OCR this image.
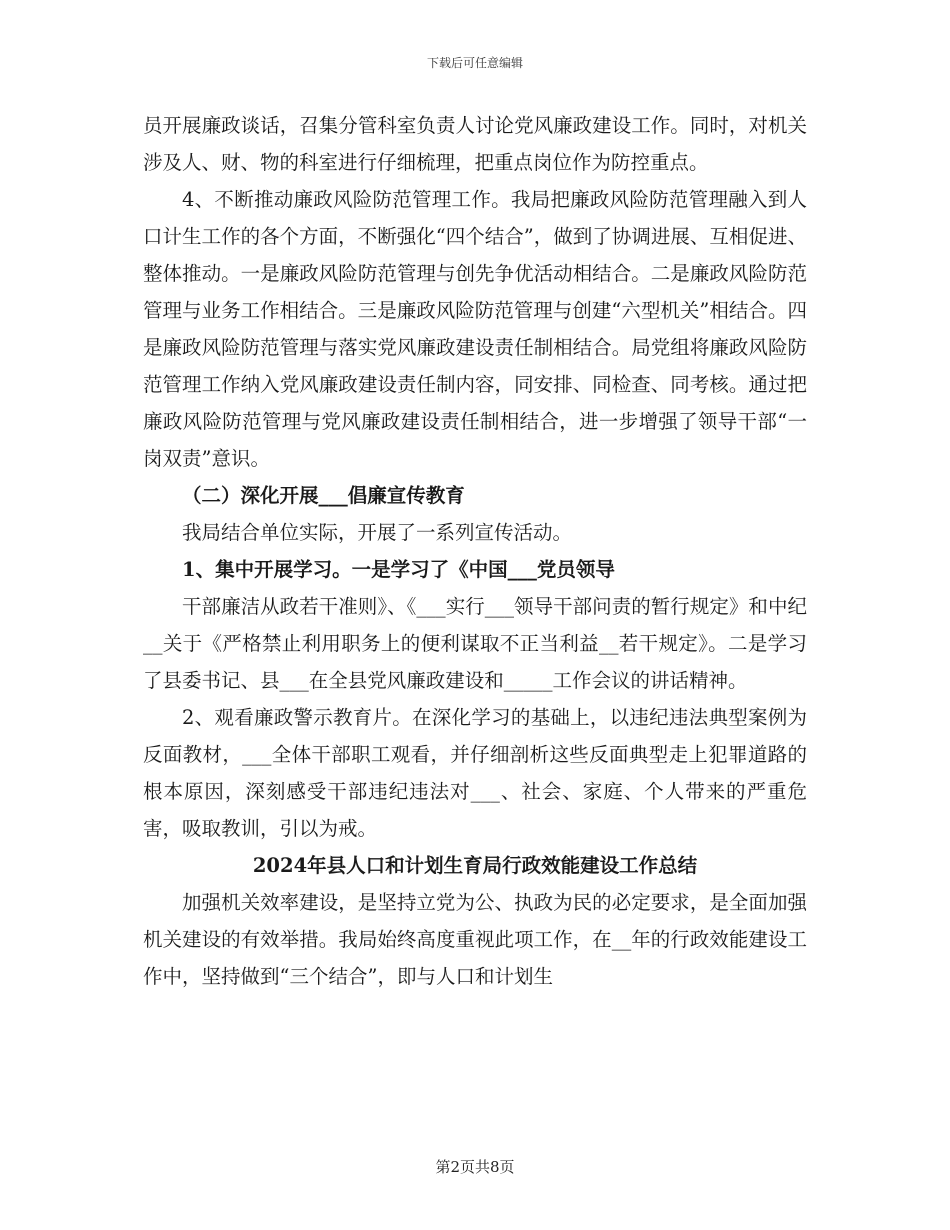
下载后可任意编辑

员开展廉政谈话，召集分管科室负责人讨论党风廉政建设工作。同时，对机关涉及人、财、物的科室进行仔细梳理，把重点岗位作为防控重点。

4、不断推动廉政风险防范管理工作。我局把廉政风险防范管理融入到人口计生工作的各个方面，不断强化“四个结合”，做到了协调进展、互相促进、整体推动。一是廉政风险防范管理与创先争优活动相结合。二是廉政风险防范管理与业务工作相结合。三是廉政风险防范管理与创建“六型机关”相结合。四是廉政风险防范管理与落实党风廉政建设责任制相结合。局党组将廉政风险防范管理工作纳入党风廉政建设责任制内容，同安排、同检查、同考核。通过把廉政风险防范管理与党风廉政建设责任制相结合，进一步增强了领导干部“一岗双责”意识。

（二）深化开展___倡廉宣传教育

我局结合单位实际，开展了一系列宣传活动。

1、集中开展学习。一是学习了《中国___党员领导

干部廉洁从政若干准则》、《___实行___领导干部问责的暂行规定》和中纪__关于《严格禁止利用职务上的便利谋取不正当利益__若干规定》。二是学习了县委书记、县___在全县党风廉政建设和_____工作会议的讲话精神。

2、观看廉政警示教育片。在深化学习的基础上，以违纪违法典型案例为反面教材，___全体干部职工观看，并仔细剖析这些反面典型走上犯罪道路的根本原因，深刻感受干部违纪违法对___、社会、家庭、个人带来的严重危害，吸取教训，引以为戒。

2024年县人口和计划生育局行政效能建设工作总结

加强机关效率建设，是坚持立党为公、执政为民的必定要求，是全面加强机关建设的有效举措。我局始终高度重视此项工作，在__年的行政效能建设工作中，坚持做到“三个结合”，即与人口和计划生

第2页共8页
